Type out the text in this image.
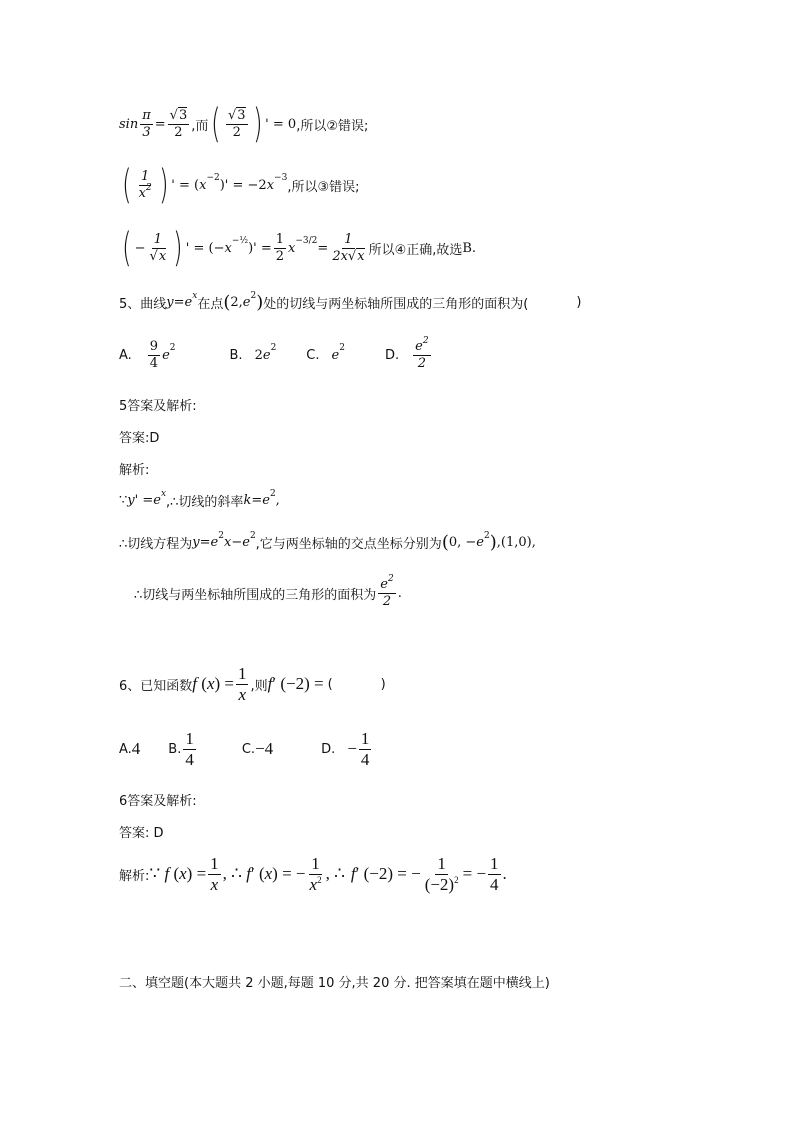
$\sin \frac{\pi}{3} = \frac{√3}{2}$ ,而 ( $\frac{√3}{2}$ ) ' = 0 ,所以②错误;
( $\frac{1}{x^2}$ ) ' = ( x −2 )' = −2 x −3
,所以③错误;
( − $\frac{1}{√x}$ ) ' = (− x −½ )' = $\frac{1}{2}$ $x -3/2 = \frac{1}{2x√x}$ 所以④正确,故选 B.
5、曲线 y = e x
在点 ( 2, e 2 ) 处的切线与两坐标轴所围成的三角形的面积为(	)
A. $\frac{9}{4}$ e 2	B. 2 e 2 C. e 2	D. $\frac{e^2}{2}$
5答案及解析:
答案:D
解析:
∵ y ' = e x
,∴切线的斜率 k = e 2 ,
∴切线方程为 y = e 2 x − e 2
,它与两坐标轴的交点坐标分别为 ( 0, − e 2 ) ,(1,0),
∴切线与两坐标轴所围成的三角形的面积为 $\frac{e^2}{2}$ .
6、已知函数 f $(x) = \frac{1}{x}$ ,则 f′ (−2) = (	)
A. 4 B. $\frac{1}{4}$	C. −4	D. − $\frac{1}{4}$
6答案及解析:
答案: D
解析: ∵ f $(x) = \frac{1}{x}$ , ∴ f′ (x) = − $\frac{1}{x^2}$ , ∴ f′ (−2) = − $\frac{1}{(-2)^2}$ = − $\frac{1}{4}$ .
二、填空题(本大题共 2 小题,每题 10 分,共 20 分. 把答案填在题中横线上)
